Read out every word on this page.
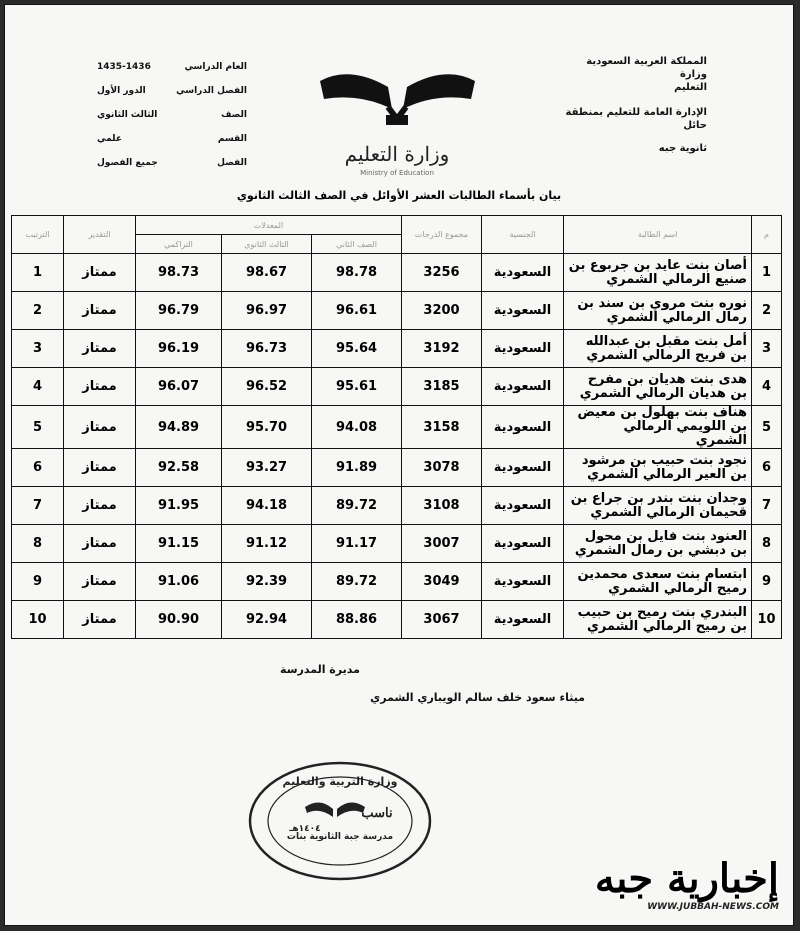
المملكة العربية السعودية وزارة
التعليم
الإدارة العامة للتعليم بمنطقة حائل
ثانوية جبه
العام الدراسي
1435-1436
الفصل الدراسي
الدور الأول
الصف
الثالث الثانوي
القسم
علمي
الفصل
جميع الفصول	وزارة التعليم
Ministry of Education
بيان بأسماء الطالبات العشر الأوائل في الصف الثالث الثانوي
م	اسم الطالبة	الجنسية	مجموع الدرجات	المعدلات			التقدير	الترتيب
				الصف الثاني	الثالث الثانوي	التراكمي		
1	أصان بنت عايد بن جربوع بن صنيع الرمالي الشمري	السعودية	3256	98.78	98.67	98.73	ممتاز	1
2	نوره بنت مروي بن سند بن رمال الرمالي الشمري	السعودية	3200	96.61	96.97	96.79	ممتاز	2
3	أمل بنت مقبل بن عبدالله بن فريح الرمالي الشمري	السعودية	3192	95.64	96.73	96.19	ممتاز	3
4	هدى بنت هديان بن مفرح بن هديان الرمالي الشمري	السعودية	3185	95.61	96.52	96.07	ممتاز	4
5	هناف بنت بهلول بن معيض بن اللويمي الرمالي الشمري	السعودية	3158	94.08	95.70	94.89	ممتاز	5
6	نجود بنت حبيب بن مرشود بن العير الرمالي الشمري	السعودية	3078	91.89	93.27	92.58	ممتاز	6
7	وجدان بنت بندر بن جراع بن قحيمان الرمالي الشمري	السعودية	3108	89.72	94.18	91.95	ممتاز	7
8	العنود بنت فايل بن محول بن دبشي بن رمال الشمري	السعودية	3007	91.17	91.12	91.15	ممتاز	8
9	ابتسام بنت سعدى محمدين رميح الرمالي الشمري	السعودية	3049	89.72	92.39	91.06	ممتاز	9
10	البندري بنت رميح بن حبيب بن رميح الرمالي الشمري	السعودية	3067	88.86	92.94	90.90	ممتاز	10
مديرة المدرسة
ميثاء سعود خلف سالم الويباري الشمري
وزارة التربية والتعليم
ناسب
مدرسة جبة الثانوية بنات
١٤٠٤هـ
إخبارية جبه
WWW.JUBBAH-NEWS.COM
